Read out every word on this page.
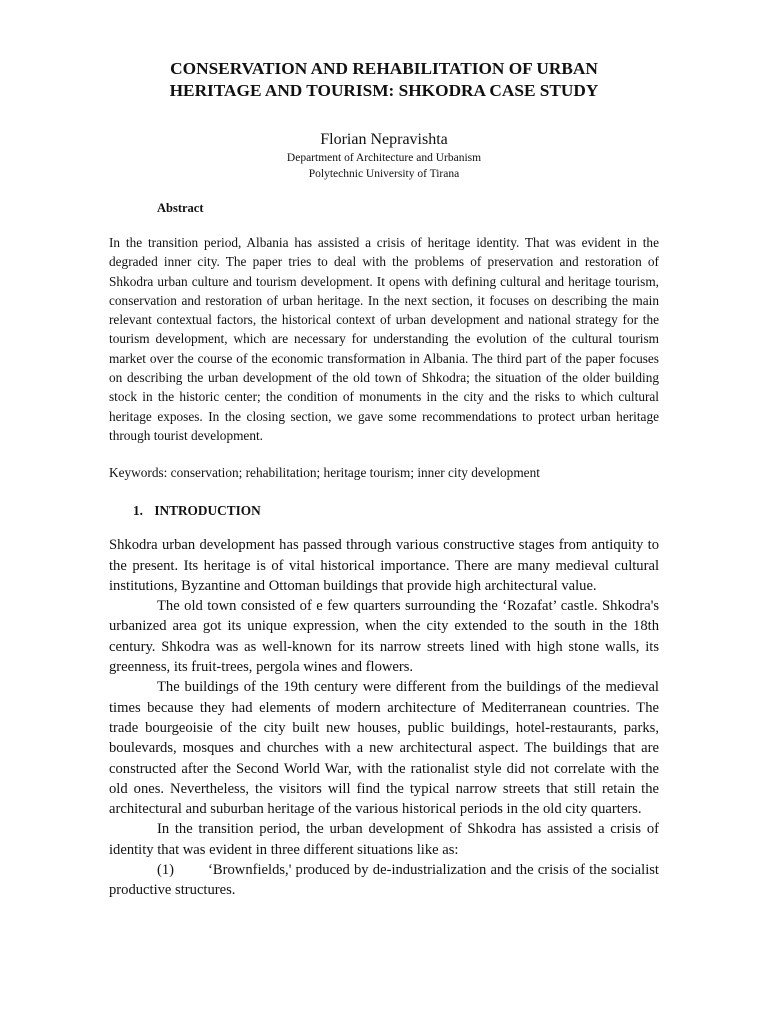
CONSERVATION AND REHABILITATION OF URBAN
HERITAGE AND TOURISM: SHKODRA CASE STUDY
Florian Nepravishta
Department of Architecture and Urbanism
Polytechnic University of Tirana
Abstract

In the transition period, Albania has assisted a crisis of heritage identity. That was evident in the degraded inner city. The paper tries to deal with the problems of preservation and restoration of Shkodra urban culture and tourism development. It opens with defining cultural and heritage tourism, conservation and restoration of urban heritage. In the next section, it focuses on describing the main relevant contextual factors, the historical context of urban development and national strategy for the tourism development, which are necessary for understanding the evolution of the cultural tourism market over the course of the economic transformation in Albania. The third part of the paper focuses on describing the urban development of the old town of Shkodra; the situation of the older building stock in the historic center; the condition of monuments in the city and the risks to which cultural heritage exposes. In the closing section, we gave some recommendations to protect urban heritage through tourist development.

Keywords: conservation; rehabilitation; heritage tourism; inner city development
1. INTRODUCTION

Shkodra urban development has passed through various constructive stages from antiquity to the present. Its heritage is of vital historical importance. There are many medieval cultural institutions, Byzantine and Ottoman buildings that provide high architectural value.

The old town consisted of e few quarters surrounding the ‘Rozafat’ castle. Shkodra's urbanized area got its unique expression, when the city extended to the south in the 18th century. Shkodra was as well-known for its narrow streets lined with high stone walls, its greenness, its fruit-trees, pergola wines and flowers.

The buildings of the 19th century were different from the buildings of the medieval times because they had elements of modern architecture of Mediterranean countries. The trade bourgeoisie of the city built new houses, public buildings, hotel-restaurants, parks, boulevards, mosques and churches with a new architectural aspect. The buildings that are constructed after the Second World War, with the rationalist style did not correlate with the old ones. Nevertheless, the visitors will find the typical narrow streets that still retain the architectural and suburban heritage of the various historical periods in the old city quarters.

In the transition period, the urban development of Shkodra has assisted a crisis of identity that was evident in three different situations like as:

(1) ‘Brownfields,' produced by de-industrialization and the crisis of the socialist productive structures.
